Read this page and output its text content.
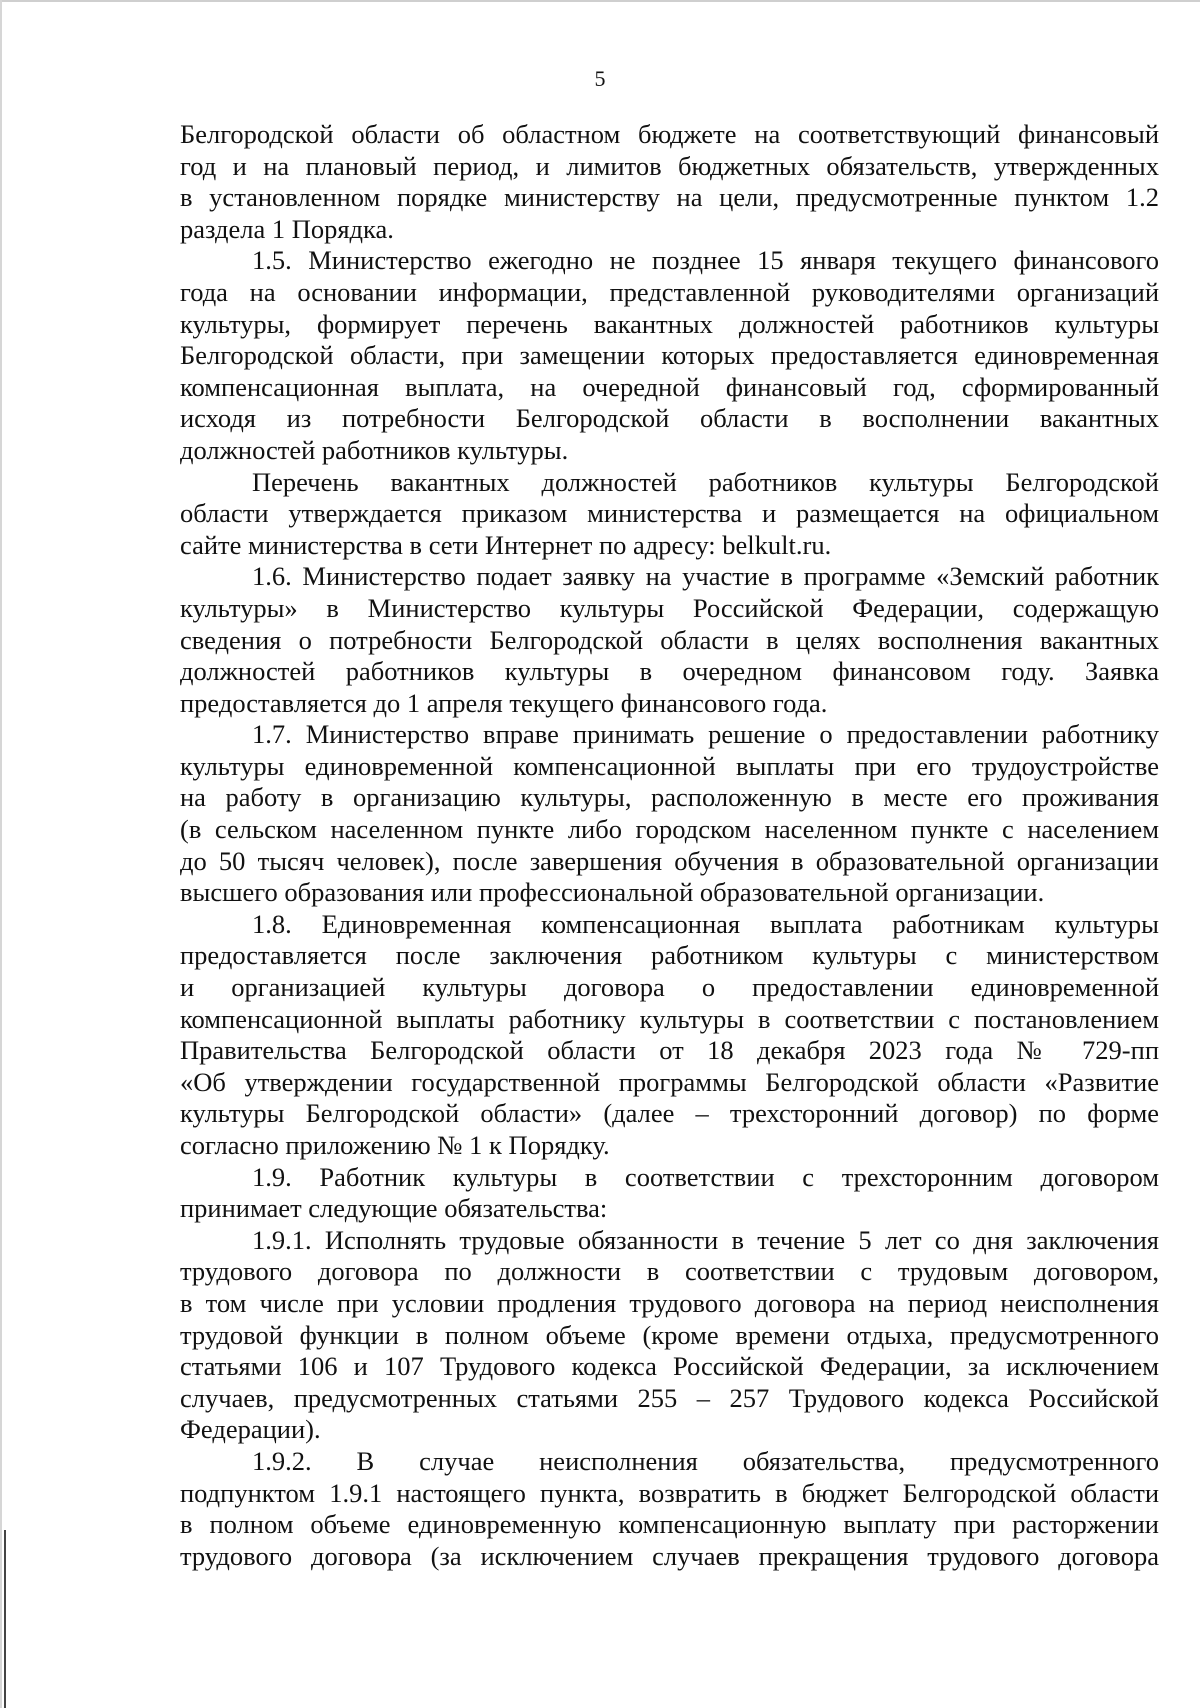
5
Белгородской области об областном бюджете на соответствующий финансовый
год и на плановый период, и лимитов бюджетных обязательств, утвержденных
в установленном порядке министерству на цели, предусмотренные пунктом 1.2
раздела 1 Порядка.
1.5. Министерство ежегодно не позднее 15 января текущего финансового
года на основании информации, представленной руководителями организаций
культуры, формирует перечень вакантных должностей работников культуры
Белгородской области, при замещении которых предоставляется единовременная
компенсационная выплата, на очередной финансовый год, сформированный
исходя из потребности Белгородской области в восполнении вакантных
должностей работников культуры.
Перечень вакантных должностей работников культуры Белгородской
области утверждается приказом министерства и размещается на официальном
сайте министерства в сети Интернет по адресу: belkult.ru.
1.6. Министерство подает заявку на участие в программе «Земский работник
культуры» в Министерство культуры Российской Федерации, содержащую
сведения о потребности Белгородской области в целях восполнения вакантных
должностей работников культуры в очередном финансовом году. Заявка
предоставляется до 1 апреля текущего финансового года.
1.7. Министерство вправе принимать решение о предоставлении работнику
культуры единовременной компенсационной выплаты при его трудоустройстве
на работу в организацию культуры, расположенную в месте его проживания
(в сельском населенном пункте либо городском населенном пункте с населением
до 50 тысяч человек), после завершения обучения в образовательной организации
высшего образования или профессиональной образовательной организации.
1.8. Единовременная компенсационная выплата работникам культуры
предоставляется после заключения работником культуры с министерством
и организацией культуры договора о предоставлении единовременной
компенсационной выплаты работнику культуры в соответствии с постановлением
Правительства Белгородской области от 18 декабря 2023 года № 729-пп
«Об утверждении государственной программы Белгородской области «Развитие
культуры Белгородской области» (далее – трехсторонний договор) по форме
согласно приложению № 1 к Порядку.
1.9. Работник культуры в соответствии с трехсторонним договором
принимает следующие обязательства:
1.9.1. Исполнять трудовые обязанности в течение 5 лет со дня заключения
трудового договора по должности в соответствии с трудовым договором,
в том числе при условии продления трудового договора на период неисполнения
трудовой функции в полном объеме (кроме времени отдыха, предусмотренного
статьями 106 и 107 Трудового кодекса Российской Федерации, за исключением
случаев, предусмотренных статьями 255 – 257 Трудового кодекса Российской
Федерации).
1.9.2. В случае неисполнения обязательства, предусмотренного
подпунктом 1.9.1 настоящего пункта, возвратить в бюджет Белгородской области
в полном объеме единовременную компенсационную выплату при расторжении
трудового договора (за исключением случаев прекращения трудового договора
